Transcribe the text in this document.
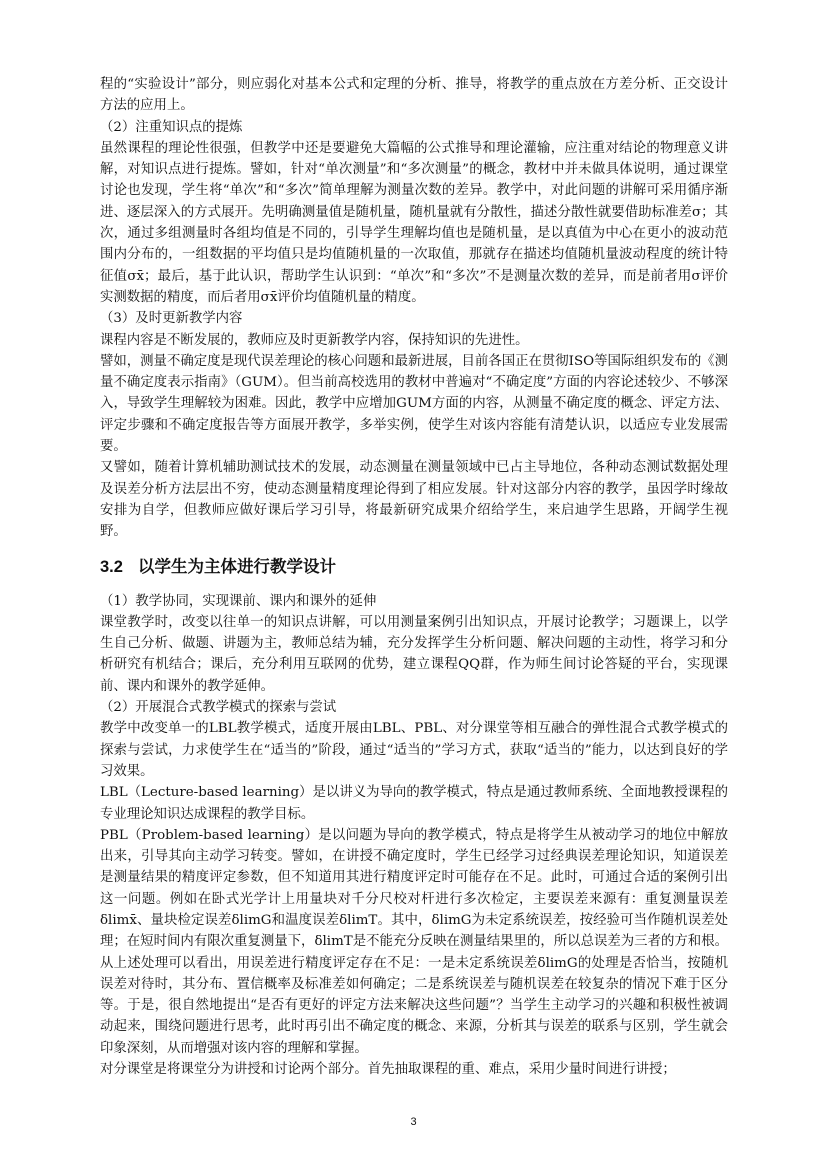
程的“实验设计”部分，则应弱化对基本公式和定理的分析、推导，将教学的重点放在方差分析、正交设计方法的应用上。

（2）注重知识点的提炼

虽然课程的理论性很强，但教学中还是要避免大篇幅的公式推导和理论灌输，应注重对结论的物理意义讲解，对知识点进行提炼。譬如，针对“单次测量”和“多次测量”的概念，教材中并未做具体说明，通过课堂讨论也发现，学生将“单次”和“多次”简单理解为测量次数的差异。教学中，对此问题的讲解可采用循序渐进、逐层深入的方式展开。先明确测量值是随机量，随机量就有分散性，描述分散性就要借助标准差σ；其次，通过多组测量时各组均值是不同的，引导学生理解均值也是随机量，是以真值为中心在更小的波动范围内分布的，一组数据的平均值只是均值随机量的一次取值，那就存在描述均值随机量波动程度的统计特征值σx̄；最后，基于此认识，帮助学生认识到：“单次”和“多次”不是测量次数的差异，而是前者用σ评价实测数据的精度，而后者用σx̄评价均值随机量的精度。

（3）及时更新教学内容

课程内容是不断发展的，教师应及时更新教学内容，保持知识的先进性。

譬如，测量不确定度是现代误差理论的核心问题和最新进展，目前各国正在贯彻ISO等国际组织发布的《测量不确定度表示指南》（GUM）。但当前高校选用的教材中普遍对“不确定度”方面的内容论述较少、不够深入，导致学生理解较为困难。因此，教学中应增加GUM方面的内容，从测量不确定度的概念、评定方法、评定步骤和不确定度报告等方面展开教学，多举实例，使学生对该内容能有清楚认识，以适应专业发展需要。

又譬如，随着计算机辅助测试技术的发展，动态测量在测量领域中已占主导地位，各种动态测试数据处理及误差分析方法层出不穷，使动态测量精度理论得到了相应发展。针对这部分内容的教学，虽因学时缘故安排为自学，但教师应做好课后学习引导，将最新研究成果介绍给学生，来启迪学生思路，开阔学生视野。

3.2 以学生为主体进行教学设计

（1）教学协同，实现课前、课内和课外的延伸

课堂教学时，改变以往单一的知识点讲解，可以用测量案例引出知识点，开展讨论教学；习题课上，以学生自己分析、做题、讲题为主，教师总结为辅，充分发挥学生分析问题、解决问题的主动性，将学习和分析研究有机结合；课后，充分利用互联网的优势，建立课程QQ群，作为师生间讨论答疑的平台，实现课前、课内和课外的教学延伸。

（2）开展混合式教学模式的探索与尝试

教学中改变单一的LBL教学模式，适度开展由LBL、PBL、对分课堂等相互融合的弹性混合式教学模式的探索与尝试，力求使学生在“适当的”阶段，通过“适当的”学习方式，获取“适当的”能力，以达到良好的学习效果。

LBL（Lecture-based learning）是以讲义为导向的教学模式，特点是通过教师系统、全面地教授课程的专业理论知识达成课程的教学目标。

PBL（Problem-based learning）是以问题为导向的教学模式，特点是将学生从被动学习的地位中解放出来，引导其向主动学习转变。譬如，在讲授不确定度时，学生已经学习过经典误差理论知识，知道误差是测量结果的精度评定参数，但不知道用其进行精度评定时可能存在不足。此时，可通过合适的案例引出这一问题。例如在卧式光学计上用量块对千分尺校对杆进行多次检定，主要误差来源有：重复测量误差δlimx̄、量块检定误差δlimG和温度误差δlimT。其中，δlimG为未定系统误差，按经验可当作随机误差处理；在短时间内有限次重复测量下，δlimT是不能充分反映在测量结果里的，所以总误差为三者的方和根。从上述处理可以看出，用误差进行精度评定存在不足：一是未定系统误差δlimG的处理是否恰当，按随机误差对待时，其分布、置信概率及标准差如何确定；二是系统误差与随机误差在较复杂的情况下难于区分等。于是，很自然地提出“是否有更好的评定方法来解决这些问题”？当学生主动学习的兴趣和积极性被调动起来，围绕问题进行思考，此时再引出不确定度的概念、来源，分析其与误差的联系与区别，学生就会印象深刻，从而增强对该内容的理解和掌握。

对分课堂是将课堂分为讲授和讨论两个部分。首先抽取课程的重、难点，采用少量时间进行讲授；

3
